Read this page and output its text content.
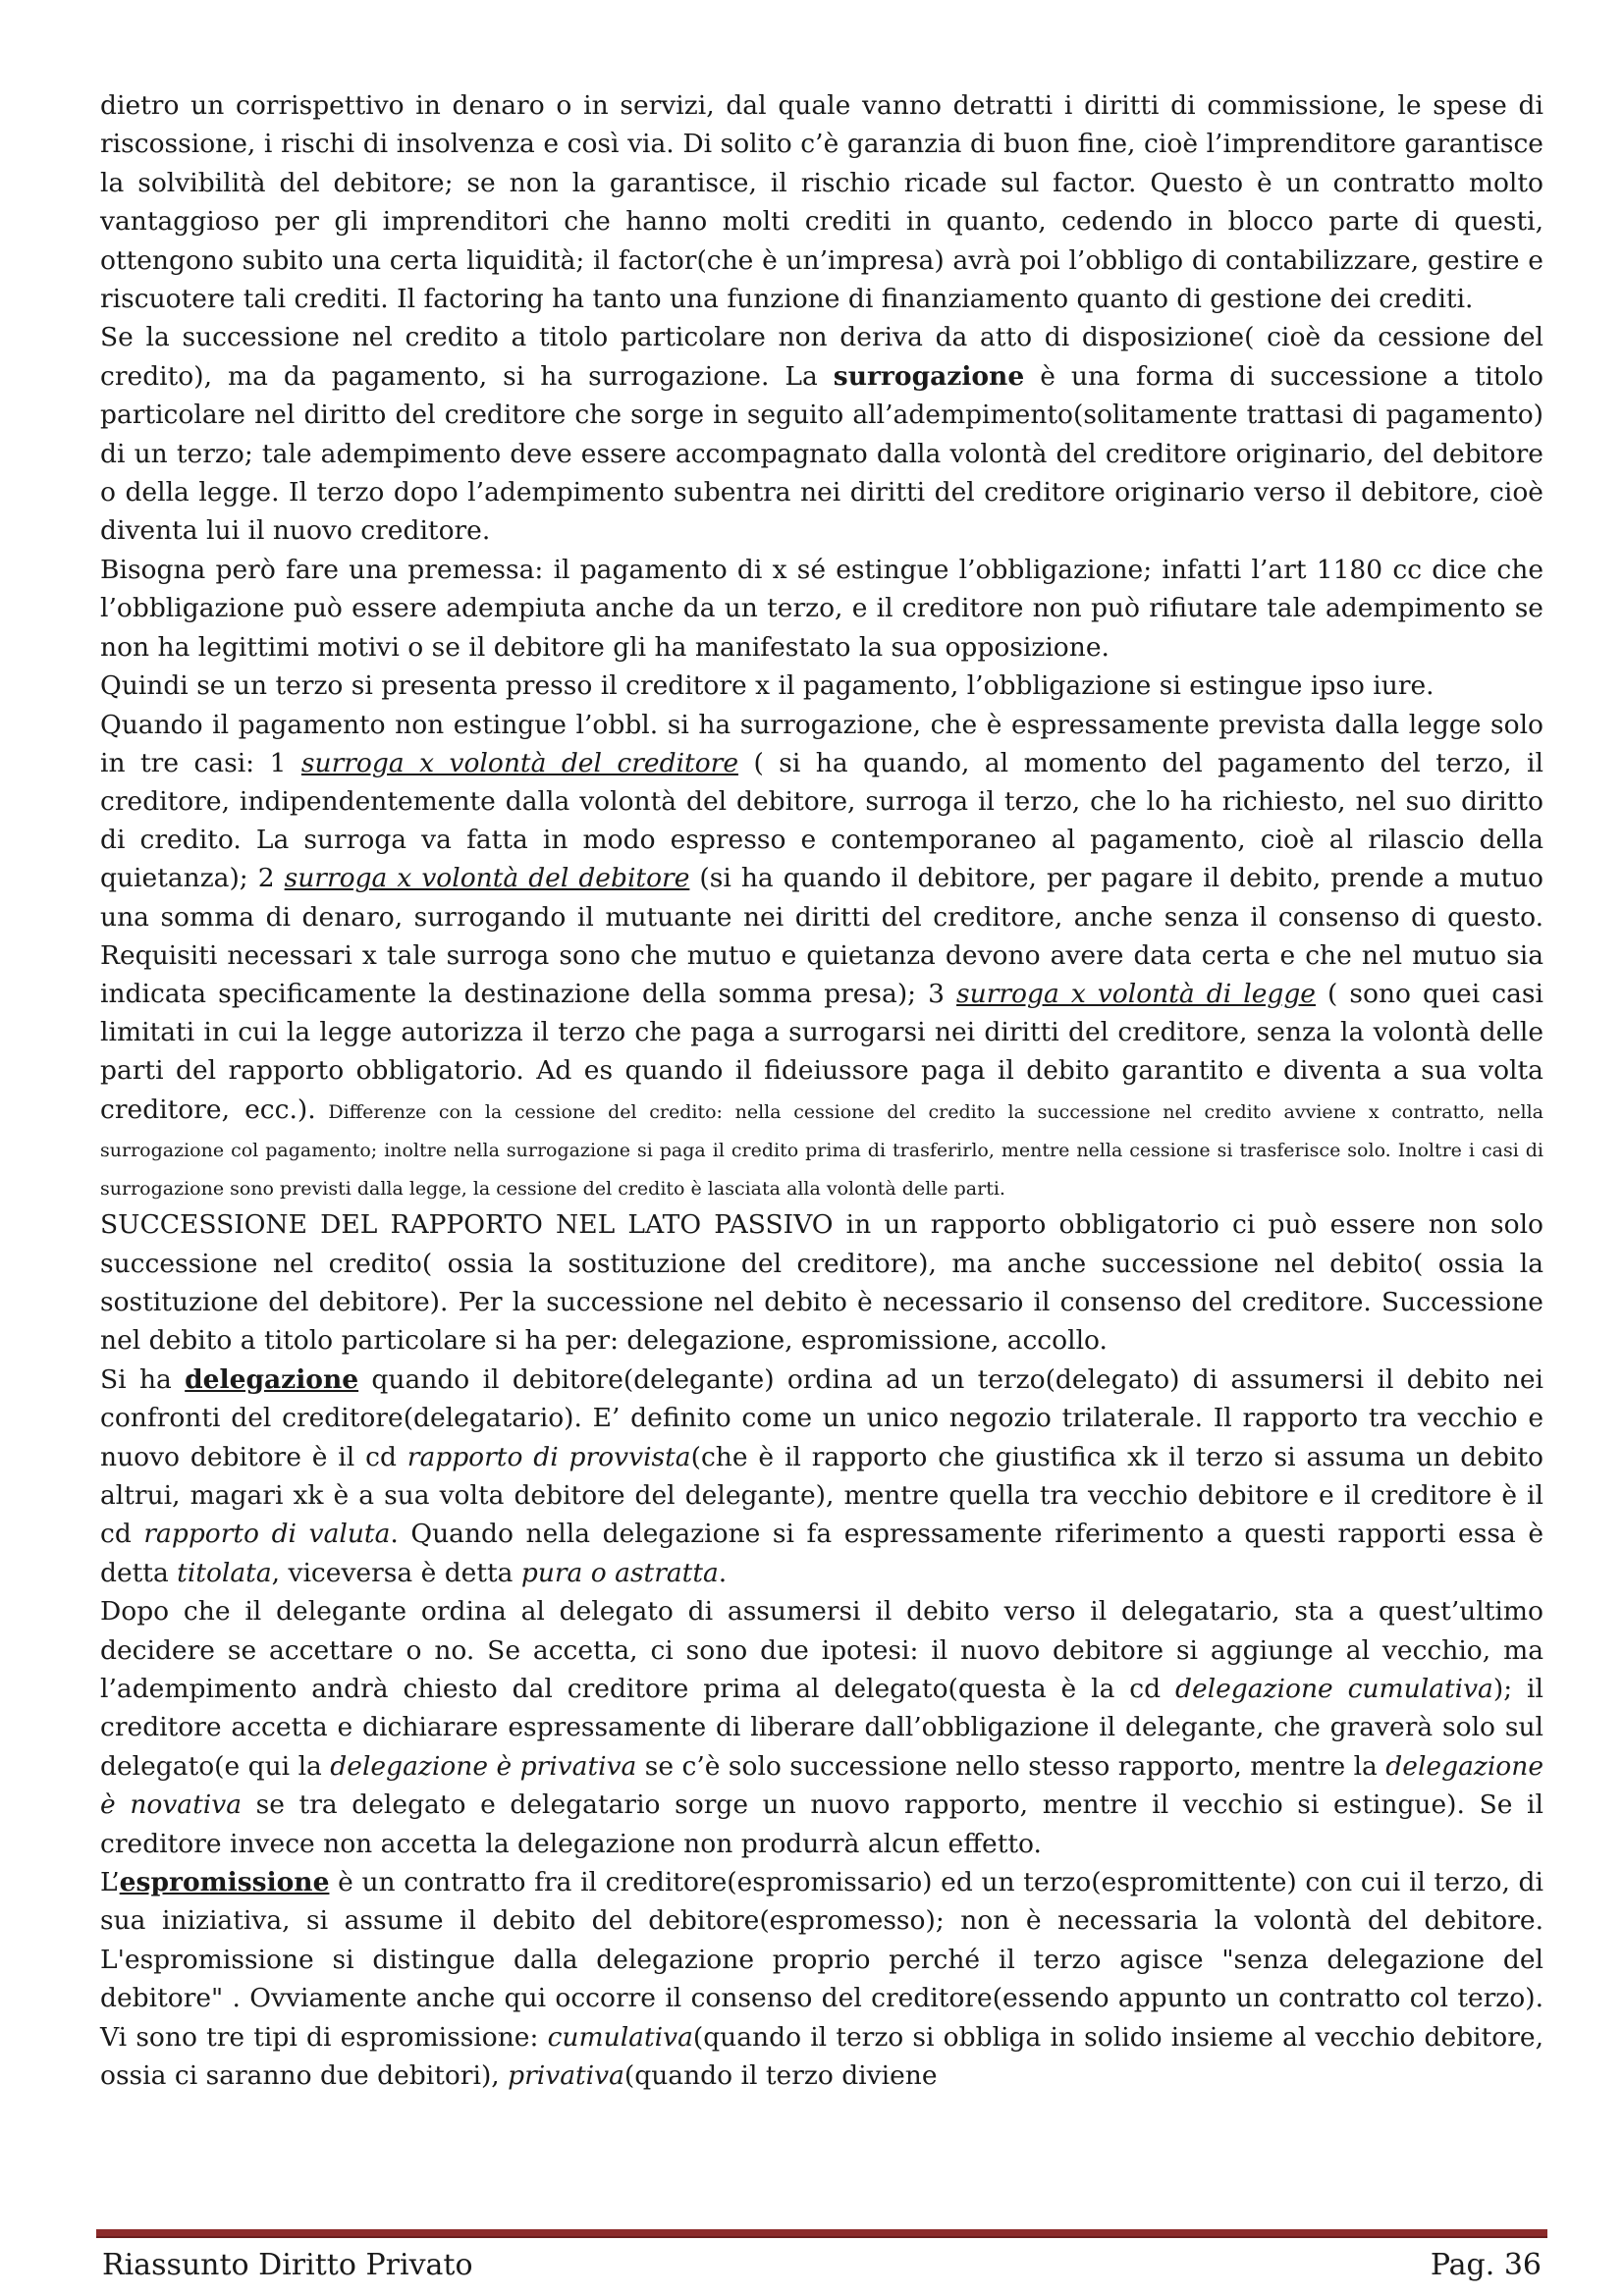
dietro un corrispettivo in denaro o in servizi, dal quale vanno detratti i diritti di commissione, le spese di riscossione, i rischi di insolvenza e così via. Di solito c’è garanzia di buon fine, cioè l’imprenditore garantisce la solvibilità del debitore; se non la garantisce, il rischio ricade sul factor. Questo è un contratto molto vantaggioso per gli imprenditori che hanno molti crediti in quanto, cedendo in blocco parte di questi, ottengono subito una certa liquidità; il factor(che è un’impresa) avrà poi l’obbligo di contabilizzare, gestire e riscuotere tali crediti. Il factoring ha tanto una funzione di finanziamento quanto di gestione dei crediti.

Se la successione nel credito a titolo particolare non deriva da atto di disposizione( cioè da cessione del credito), ma da pagamento, si ha surrogazione. La surrogazione è una forma di successione a titolo particolare nel diritto del creditore che sorge in seguito all’adempimento(solitamente trattasi di pagamento) di un terzo; tale adempimento deve essere accompagnato dalla volontà del creditore originario, del debitore o della legge. Il terzo dopo l’adempimento subentra nei diritti del creditore originario verso il debitore, cioè diventa lui il nuovo creditore.

Bisogna però fare una premessa: il pagamento di x sé estingue l’obbligazione; infatti l’art 1180 cc dice che l’obbligazione può essere adempiuta anche da un terzo, e il creditore non può rifiutare tale adempimento se non ha legittimi motivi o se il debitore gli ha manifestato la sua opposizione.

Quindi se un terzo si presenta presso il creditore x il pagamento, l’obbligazione si estingue ipso iure.

Quando il pagamento non estingue l’obbl. si ha surrogazione, che è espressamente prevista dalla legge solo in tre casi: 1 surroga x volontà del creditore ( si ha quando, al momento del pagamento del terzo, il creditore, indipendentemente dalla volontà del debitore, surroga il terzo, che lo ha richiesto, nel suo diritto di credito. La surroga va fatta in modo espresso e contemporaneo al pagamento, cioè al rilascio della quietanza); 2 surroga x volontà del debitore (si ha quando il debitore, per pagare il debito, prende a mutuo una somma di denaro, surrogando il mutuante nei diritti del creditore, anche senza il consenso di questo. Requisiti necessari x tale surroga sono che mutuo e quietanza devono avere data certa e che nel mutuo sia indicata specificamente la destinazione della somma presa); 3 surroga x volontà di legge ( sono quei casi limitati in cui la legge autorizza il terzo che paga a surrogarsi nei diritti del creditore, senza la volontà delle parti del rapporto obbligatorio. Ad es quando il fideiussore paga il debito garantito e diventa a sua volta creditore, ecc.). Differenze con la cessione del credito: nella cessione del credito la successione nel credito avviene x contratto, nella surrogazione col pagamento; inoltre nella surrogazione si paga il credito prima di trasferirlo, mentre nella cessione si trasferisce solo. Inoltre i casi di surrogazione sono previsti dalla legge, la cessione del credito è lasciata alla volontà delle parti.

SUCCESSIONE DEL RAPPORTO NEL LATO PASSIVO in un rapporto obbligatorio ci può essere non solo successione nel credito( ossia la sostituzione del creditore), ma anche successione nel debito( ossia la sostituzione del debitore). Per la successione nel debito è necessario il consenso del creditore. Successione nel debito a titolo particolare si ha per: delegazione, espromissione, accollo.

Si ha delegazione quando il debitore(delegante) ordina ad un terzo(delegato) di assumersi il debito nei confronti del creditore(delegatario). E’ definito come un unico negozio trilaterale. Il rapporto tra vecchio e nuovo debitore è il cd rapporto di provvista(che è il rapporto che giustifica xk il terzo si assuma un debito altrui, magari xk è a sua volta debitore del delegante), mentre quella tra vecchio debitore e il creditore è il cd rapporto di valuta. Quando nella delegazione si fa espressamente riferimento a questi rapporti essa è detta titolata, viceversa è detta pura o astratta.

Dopo che il delegante ordina al delegato di assumersi il debito verso il delegatario, sta a quest’ultimo decidere se accettare o no. Se accetta, ci sono due ipotesi: il nuovo debitore si aggiunge al vecchio, ma l’adempimento andrà chiesto dal creditore prima al delegato(questa è la cd delegazione cumulativa); il creditore accetta e dichiarare espressamente di liberare dall’obbligazione il delegante, che graverà solo sul delegato(e qui la delegazione è privativa se c’è solo successione nello stesso rapporto, mentre la delegazione è novativa se tra delegato e delegatario sorge un nuovo rapporto, mentre il vecchio si estingue). Se il creditore invece non accetta la delegazione non produrrà alcun effetto.

L’espromissione è un contratto fra il creditore(espromissario) ed un terzo(espromittente) con cui il terzo, di sua iniziativa, si assume il debito del debitore(espromesso); non è necessaria la volontà del debitore. L'espromissione si distingue dalla delegazione proprio perché il terzo agisce "senza delegazione del debitore" . Ovviamente anche qui occorre il consenso del creditore(essendo appunto un contratto col terzo). Vi sono tre tipi di espromissione: cumulativa(quando il terzo si obbliga in solido insieme al vecchio debitore, ossia ci saranno due debitori), privativa(quando il terzo diviene

Riassunto Diritto Privato	Pag. 36
